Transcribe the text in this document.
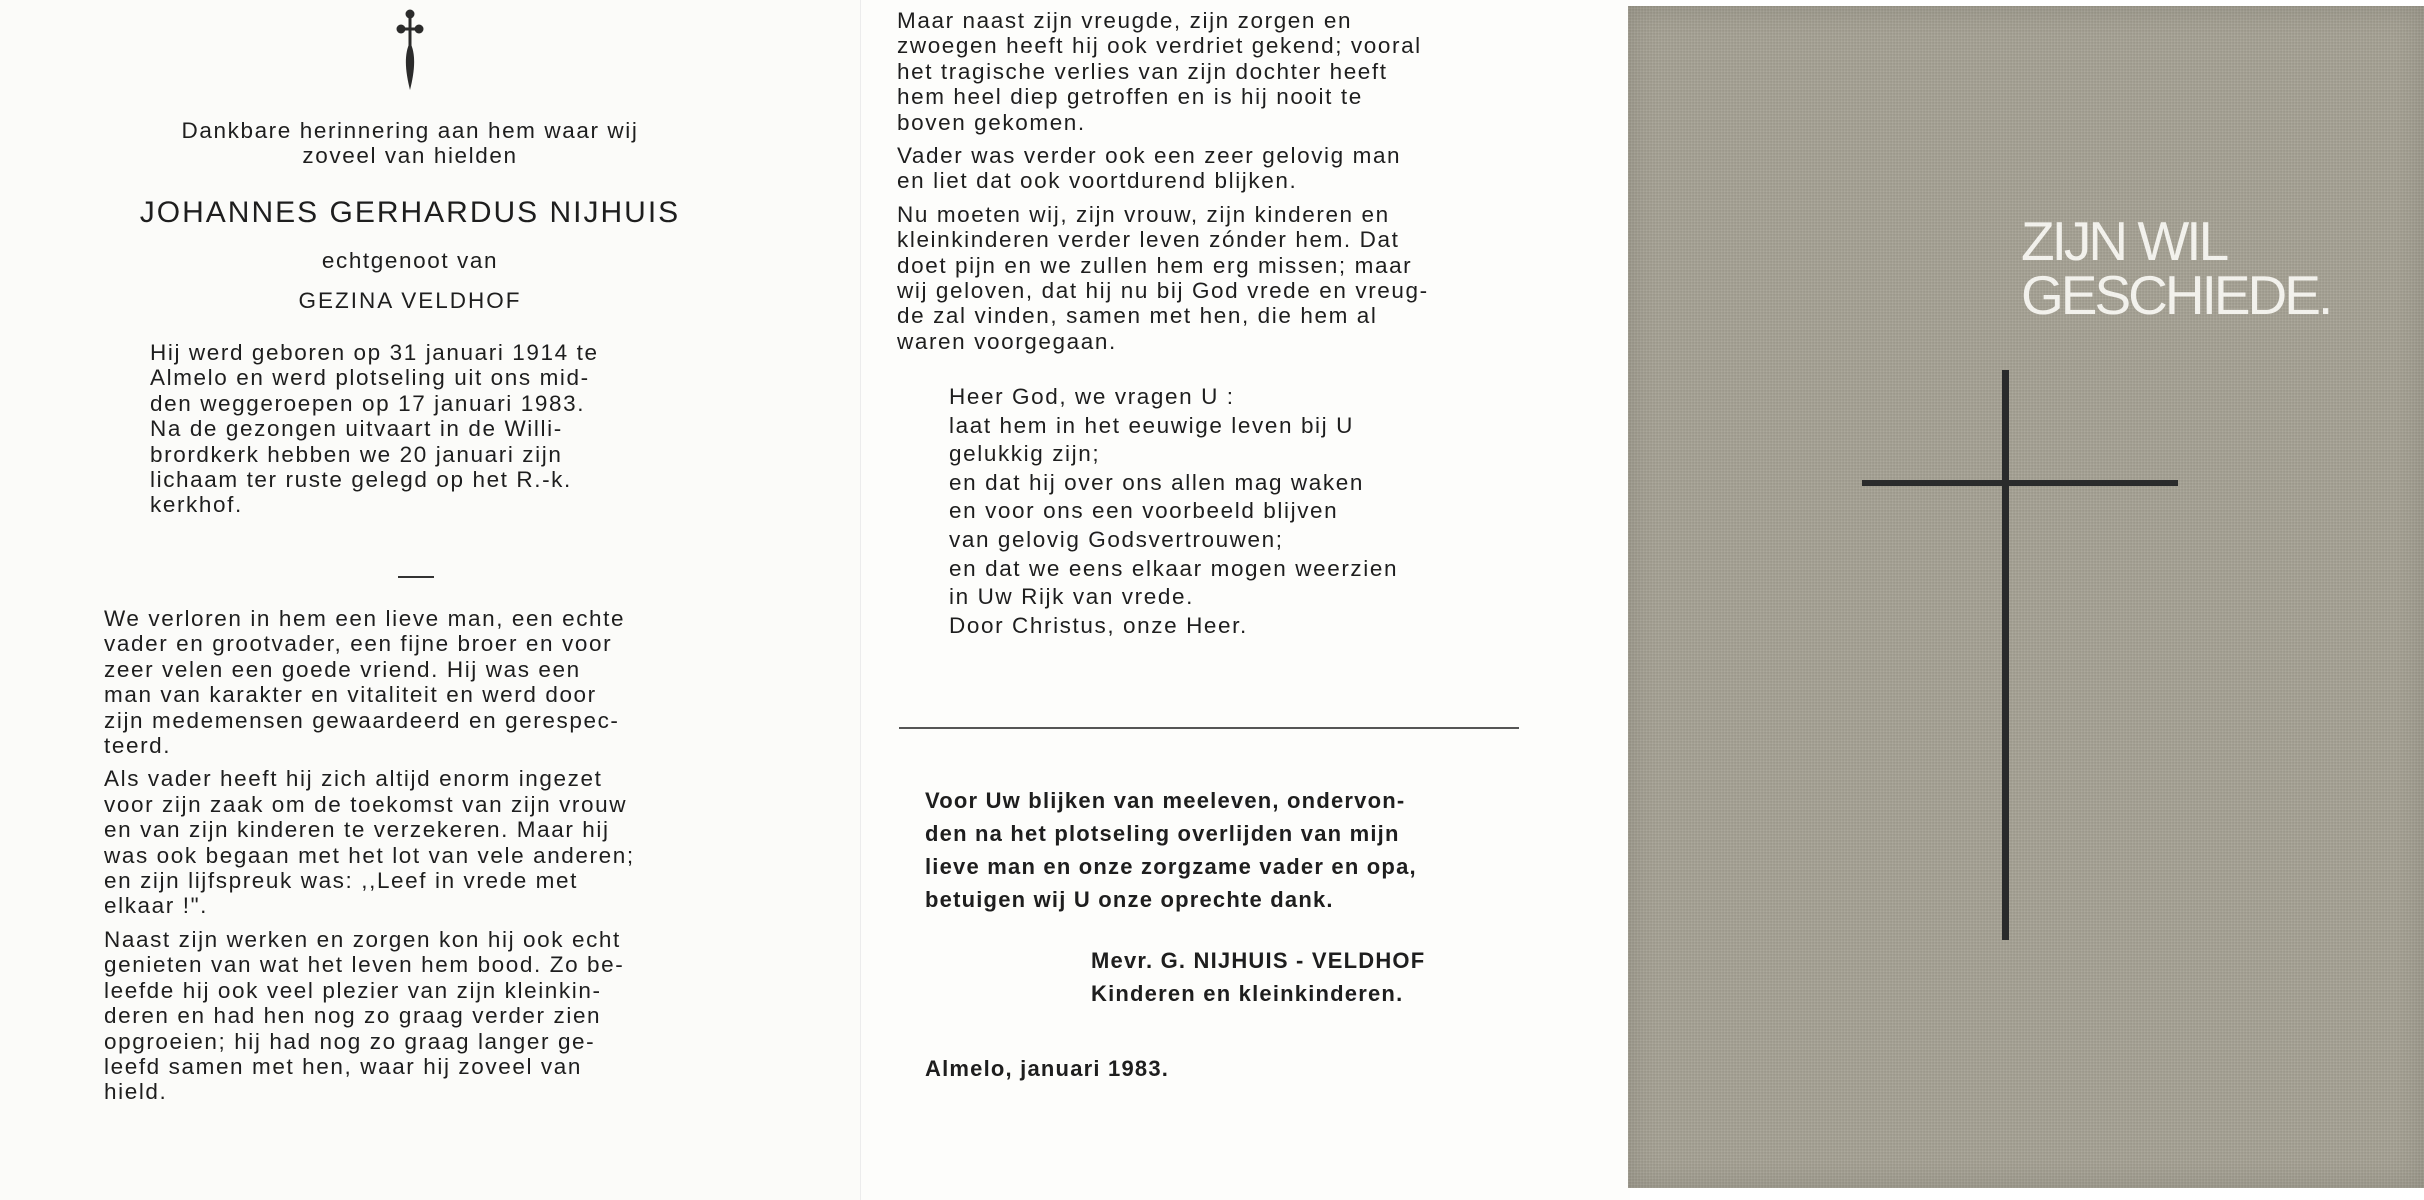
Dankbare herinnering aan hem waar wij
zoveel van hielden
JOHANNES GERHARDUS NIJHUIS
echtgenoot van
GEZINA VELDHOF
Hij werd geboren op 31 januari 1914 te
Almelo en werd plotseling uit ons mid-
den weggeroepen op 17 januari 1983.
Na de gezongen uitvaart in de Willi-
brordkerk hebben we 20 januari zijn
lichaam ter ruste gelegd op het R.-k.
kerkhof.
We verloren in hem een lieve man, een echte
vader en grootvader, een fijne broer en voor
zeer velen een goede vriend. Hij was een
man van karakter en vitaliteit en werd door
zijn medemensen gewaardeerd en gerespec-
teerd.
Als vader heeft hij zich altijd enorm ingezet
voor zijn zaak om de toekomst van zijn vrouw
en van zijn kinderen te verzekeren. Maar hij
was ook begaan met het lot van vele anderen;
en zijn lijfspreuk was: ,,Leef in vrede met
elkaar !".
Naast zijn werken en zorgen kon hij ook echt
genieten van wat het leven hem bood. Zo be-
leefde hij ook veel plezier van zijn kleinkin-
deren en had hen nog zo graag verder zien
opgroeien; hij had nog zo graag langer ge-
leefd samen met hen, waar hij zoveel van
hield.
Maar naast zijn vreugde, zijn zorgen en
zwoegen heeft hij ook verdriet gekend; vooral
het tragische verlies van zijn dochter heeft
hem heel diep getroffen en is hij nooit te
boven gekomen.
Vader was verder ook een zeer gelovig man
en liet dat ook voortdurend blijken.
Nu moeten wij, zijn vrouw, zijn kinderen en
kleinkinderen verder leven zónder hem. Dat
doet pijn en we zullen hem erg missen; maar
wij geloven, dat hij nu bij God vrede en vreug-
de zal vinden, samen met hen, die hem al
waren voorgegaan.
Heer God, we vragen U :
laat hem in het eeuwige leven bij U
gelukkig zijn;
en dat hij over ons allen mag waken
en voor ons een voorbeeld blijven
van gelovig Godsvertrouwen;
en dat we eens elkaar mogen weerzien
in Uw Rijk van vrede.
Door Christus, onze Heer.
Voor Uw blijken van meeleven, ondervon-
den na het plotseling overlijden van mijn
lieve man en onze zorgzame vader en opa,
betuigen wij U onze oprechte dank.
Mevr. G. NIJHUIS - VELDHOF
Kinderen en kleinkinderen.
Almelo, januari 1983.
ZIJN WIL
GESCHIEDE.
